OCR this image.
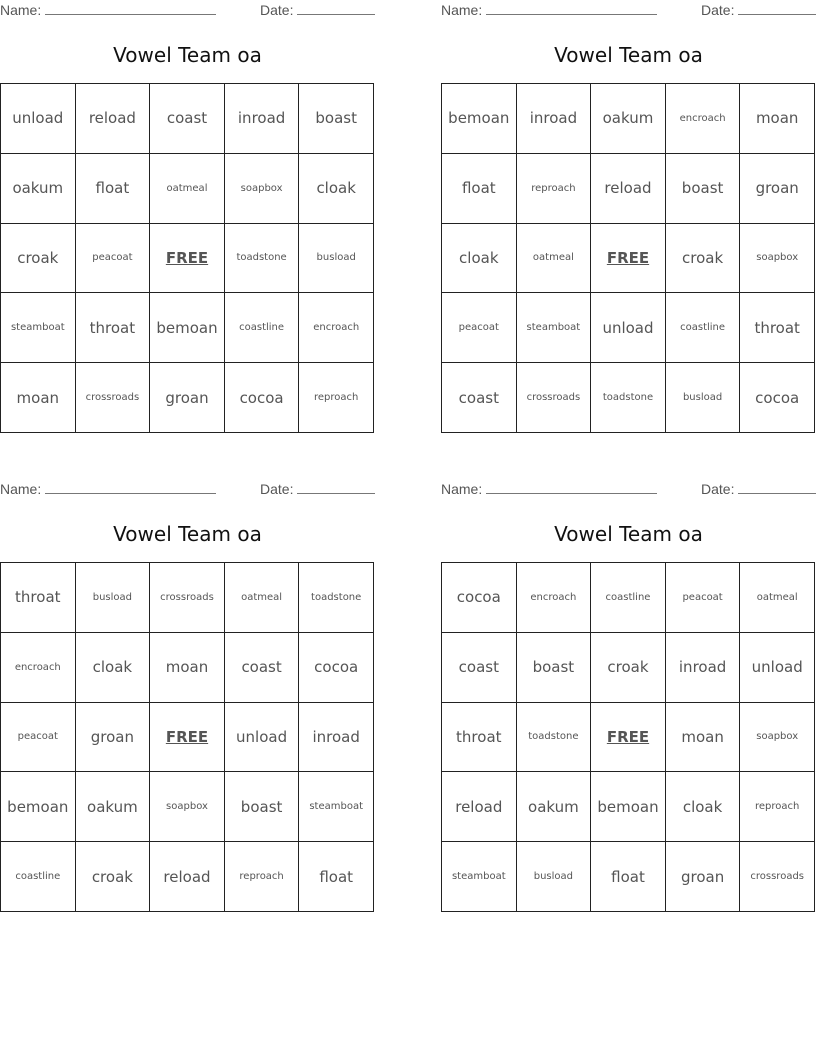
Name:	Date:
Vowel Team oa
unload	reload	coast	inroad	boast
oakum	float	oatmeal	soapbox	cloak
croak	peacoat	FREE	toadstone	busload
steamboat	throat	bemoan	coastline	encroach
moan	crossroads	groan	cocoa	reproach
Name:	Date:
Vowel Team oa
bemoan	inroad	oakum	encroach	moan
float	reproach	reload	boast	groan
cloak	oatmeal	FREE	croak	soapbox
peacoat	steamboat	unload	coastline	throat
coast	crossroads	toadstone	busload	cocoa
Name:	Date:
Vowel Team oa
throat	busload	crossroads	oatmeal	toadstone
encroach	cloak	moan	coast	cocoa
peacoat	groan	FREE	unload	inroad
bemoan	oakum	soapbox	boast	steamboat
coastline	croak	reload	reproach	float
Name:	Date:
Vowel Team oa
cocoa	encroach	coastline	peacoat	oatmeal
coast	boast	croak	inroad	unload
throat	toadstone	FREE	moan	soapbox
reload	oakum	bemoan	cloak	reproach
steamboat	busload	float	groan	crossroads
